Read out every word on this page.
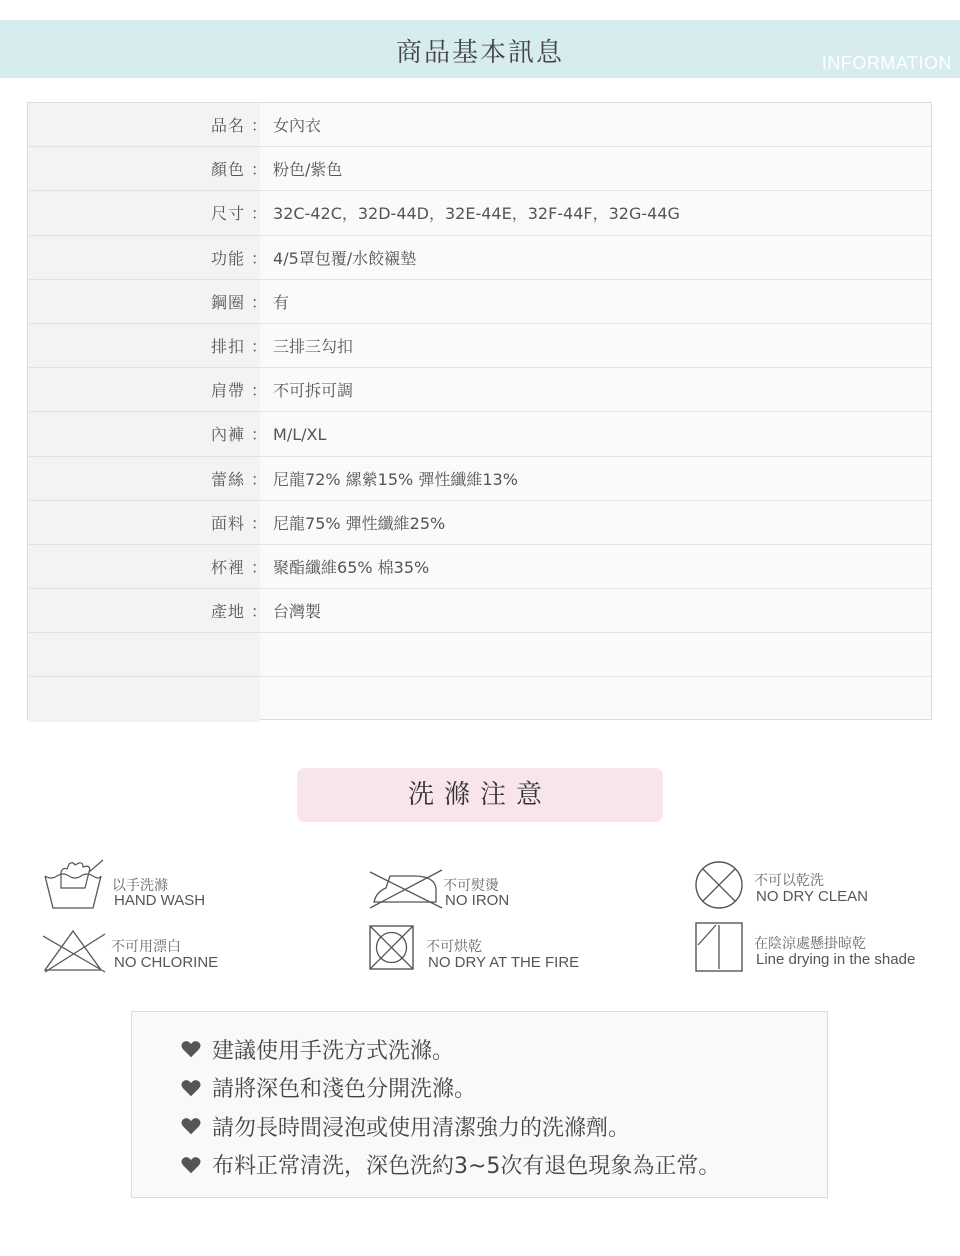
商品基本訊息	INFORMATION
品名 ： 女內衣
顏色 ： 粉色/紫色
尺寸 ： 32C-42C，32D-44D，32E-44E，32F-44F，32G-44G
功能 ： 4/5罩包覆/水餃襯墊
鋼圈 ： 有
排扣 ： 三排三勾扣
肩帶 ： 不可拆可調
內褲 ： M/L/XL
蕾絲 ： 尼龍72% 縲縈15% 彈性纖維13%
面料 ： 尼龍75% 彈性纖維25%
杯裡 ： 聚酯纖維65% 棉35%
產地 ： 台灣製
洗滌注意
以手洗滌
HAND WASH
不可熨燙
NO IRON
不可以乾洗
NO DRY CLEAN
不可用漂白
NO CHLORINE
不可烘乾
NO DRY AT THE FIRE
在陰涼處懸掛晾乾
Line drying in the shade
建議使用手洗方式洗滌。
請將深色和淺色分開洗滌。
請勿長時間浸泡或使用清潔強力的洗滌劑。
布料正常清洗，深色洗約3~5次有退色現象為正常。
